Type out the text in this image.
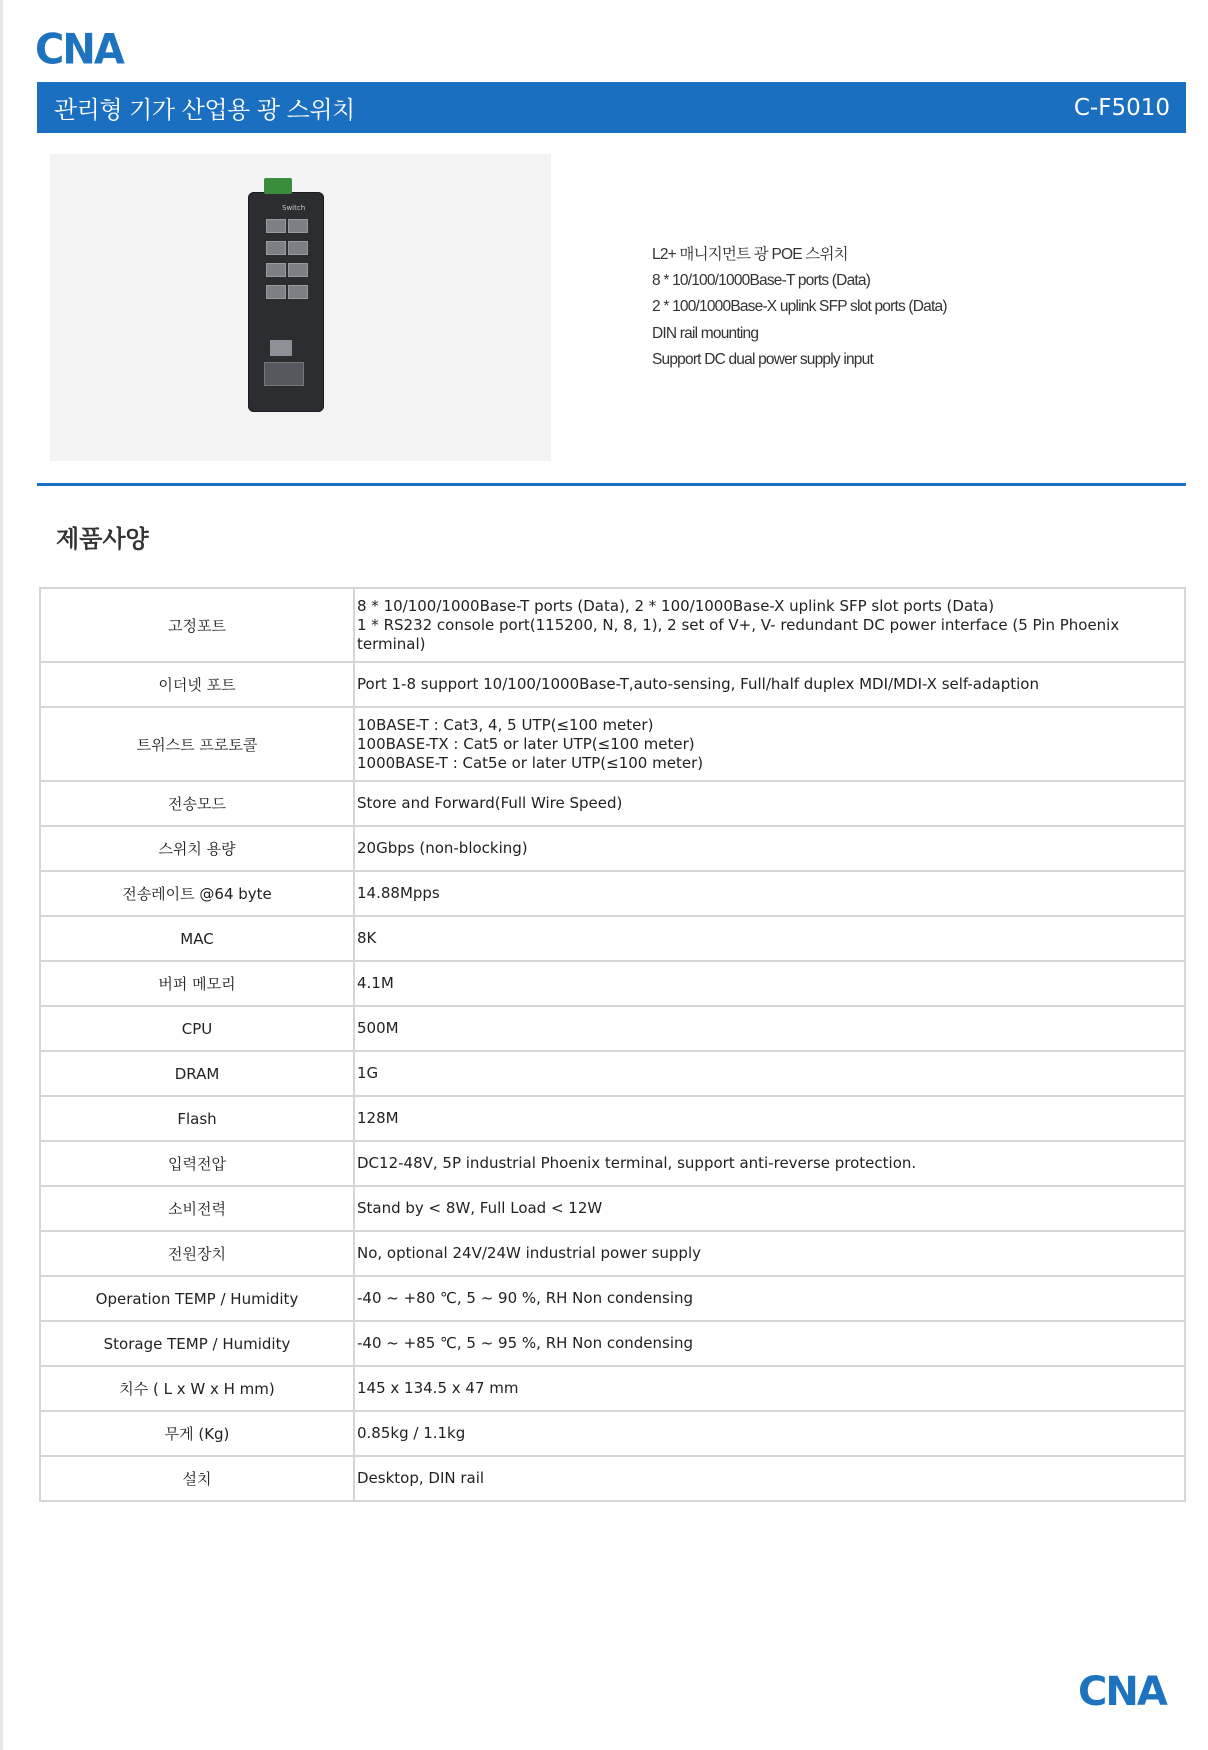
CNA
관리형 기가 산업용 광 스위치	C-F5010
Switch

L2+ 매니지먼트 광 POE 스위치
8 * 10/100/1000Base-T ports (Data)
2 * 100/1000Base-X uplink SFP slot ports (Data)
DIN rail mounting
Support DC dual power supply input
제품사양
고정포트	8 * 10/100/1000Base-T ports (Data), 2 * 100/1000Base-X uplink SFP slot ports (Data)
1 * RS232 console port(115200, N, 8, 1), 2 set of V+, V- redundant DC power interface (5 Pin Phoenix terminal)

이더넷 포트	Port 1-8 support 10/100/1000Base-T,auto-sensing, Full/half duplex MDI/MDI-X self-adaption

트위스트 프로토콜	10BASE-T : Cat3, 4, 5 UTP(≤100 meter)
100BASE-TX : Cat5 or later UTP(≤100 meter)
1000BASE-T : Cat5e or later UTP(≤100 meter)

전송모드	Store and Forward(Full Wire Speed)

스위치 용량	20Gbps (non-blocking)

전송레이트 @64 byte	14.88Mpps

MAC	8K

버퍼 메모리	4.1M

CPU	500M

DRAM	1G

Flash	128M

입력전압	DC12-48V, 5P industrial Phoenix terminal, support anti-reverse protection.

소비전력	Stand by < 8W, Full Load < 12W

전원장치	No, optional 24V/24W industrial power supply

Operation TEMP / Humidity	-40 ~ +80 ℃, 5 ~ 90 %, RH Non condensing

Storage TEMP / Humidity	-40 ~ +85 ℃, 5 ~ 95 %, RH Non condensing

치수 ( L x W x H mm)	145 x 134.5 x 47 mm

무게 (Kg)	0.85kg / 1.1kg

설치	Desktop, DIN rail
CNA
